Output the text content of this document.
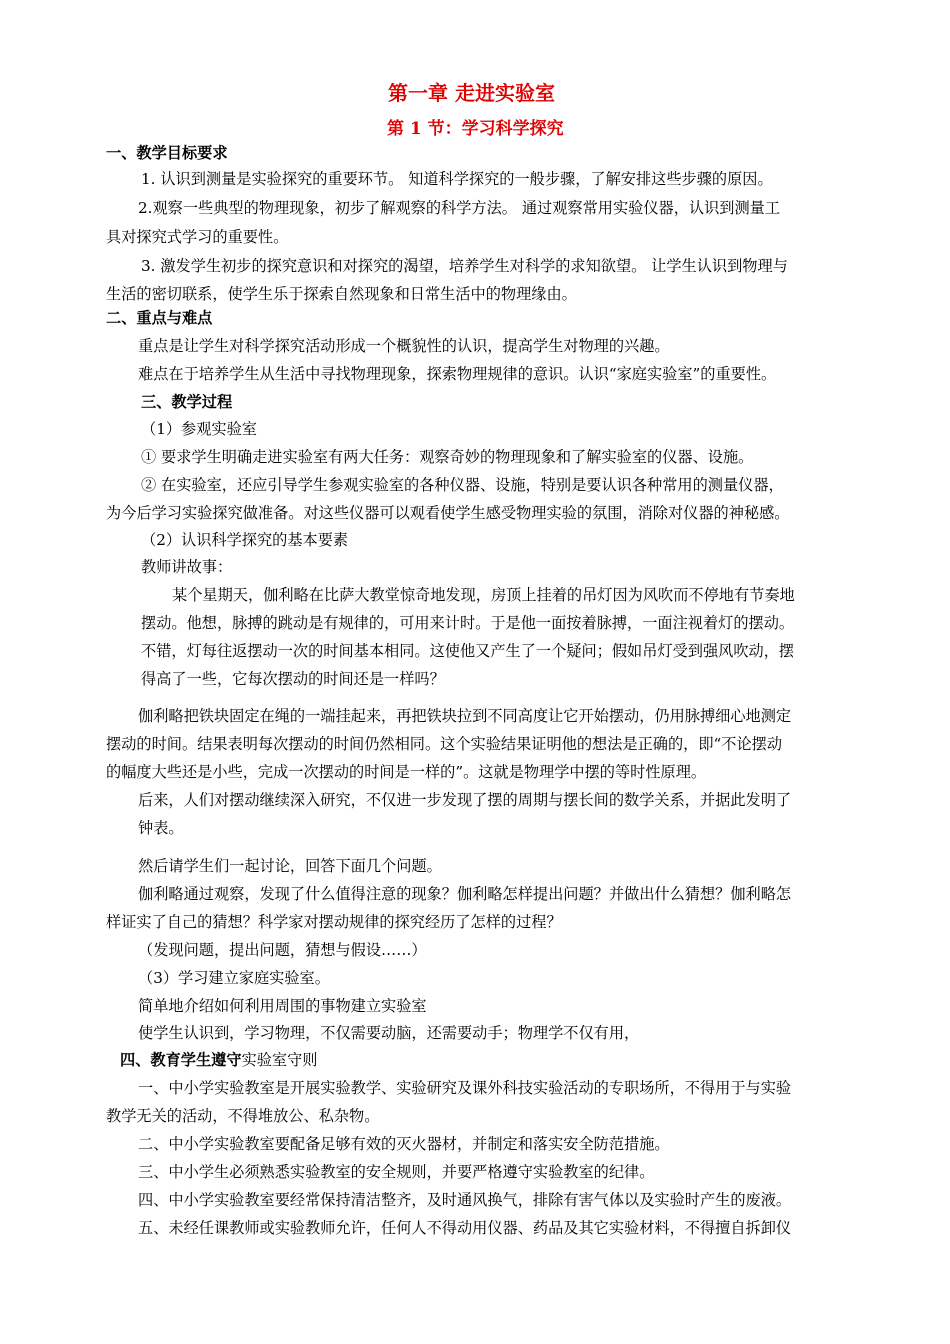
第一章 走进实验室
第 1 节：学习科学探究
一、教学目标要求
1. 认识到测量是实验探究的重要环节。 知道科学探究的一般步骤，了解安排这些步骤的原因。
2.观察一些典型的物理现象，初步了解观察的科学方法。 通过观察常用实验仪器，认识到测量工
具对探究式学习的重要性。
3. 激发学生初步的探究意识和对探究的渴望，培养学生对科学的求知欲望。 让学生认识到物理与
生活的密切联系，使学生乐于探索自然现象和日常生活中的物理缘由。
二、重点与难点
重点是让学生对科学探究活动形成一个概貌性的认识，提高学生对物理的兴趣。
难点在于培养学生从生活中寻找物理现象，探索物理规律的意识。认识“家庭实验室”的重要性。
三、教学过程
（1）参观实验室
① 要求学生明确走进实验室有两大任务：观察奇妙的物理现象和了解实验室的仪器、设施。
② 在实验室，还应引导学生参观实验室的各种仪器、设施，特别是要认识各种常用的测量仪器，
为今后学习实验探究做准备。对这些仪器可以观看使学生感受物理实验的氛围，消除对仪器的神秘感。
（2）认识科学探究的基本要素
教师讲故事：
某个星期天，伽利略在比萨大教堂惊奇地发现，房顶上挂着的吊灯因为风吹而不停地有节奏地
摆动。他想，脉搏的跳动是有规律的，可用来计时。于是他一面按着脉搏，一面注视着灯的摆动。
不错，灯每往返摆动一次的时间基本相同。这使他又产生了一个疑问；假如吊灯受到强风吹动，摆
得高了一些，它每次摆动的时间还是一样吗？
伽利略把铁块固定在绳的一端挂起来，再把铁块拉到不同高度让它开始摆动，仍用脉搏细心地测定
摆动的时间。结果表明每次摆动的时间仍然相同。这个实验结果证明他的想法是正确的，即“不论摆动
的幅度大些还是小些，完成一次摆动的时间是一样的”。这就是物理学中摆的等时性原理。
后来，人们对摆动继续深入研究，不仅进一步发现了摆的周期与摆长间的数学关系，并据此发明了
钟表。
然后请学生们一起讨论，回答下面几个问题。
伽利略通过观察，发现了什么值得注意的现象？伽利略怎样提出问题？并做出什么猜想？伽利略怎
样证实了自己的猜想？科学家对摆动规律的探究经历了怎样的过程？
（发现问题，提出问题，猜想与假设……）
（3）学习建立家庭实验室。
简单地介绍如何利用周围的事物建立实验室
使学生认识到，学习物理，不仅需要动脑，还需要动手；物理学不仅有用，
四、教育学生遵守实验室守则
一、中小学实验教室是开展实验教学、实验研究及课外科技实验活动的专职场所，不得用于与实验
教学无关的活动，不得堆放公、私杂物。
二、中小学实验教室要配备足够有效的灭火器材，并制定和落实安全防范措施。
三、中小学生必须熟悉实验教室的安全规则，并要严格遵守实验教室的纪律。
四、中小学实验教室要经常保持清洁整齐，及时通风换气，排除有害气体以及实验时产生的废液。
五、未经任课教师或实验教师允许，任何人不得动用仪器、药品及其它实验材料，不得擅自拆卸仪
